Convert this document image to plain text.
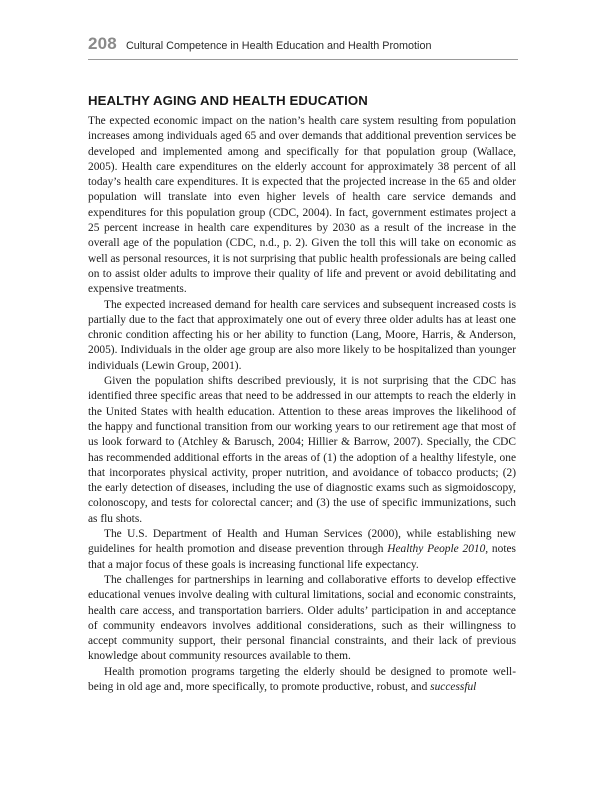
208 Cultural Competence in Health Education and Health Promotion
HEALTHY AGING AND HEALTH EDUCATION

The expected economic impact on the nation’s health care system resulting from population increases among individuals aged 65 and over demands that additional prevention services be developed and implemented among and specifically for that population group (Wallace, 2005). Health care expenditures on the elderly account for approximately 38 percent of all today’s health care expenditures. It is expected that the projected increase in the 65 and older population will translate into even higher levels of health care service demands and expenditures for this population group (CDC, 2004). In fact, government estimates project a 25 percent increase in health care expenditures by 2030 as a result of the increase in the overall age of the population (CDC, n.d., p. 2). Given the toll this will take on economic as well as personal resources, it is not surprising that public health professionals are being called on to assist older adults to improve their quality of life and prevent or avoid debilitating and expensive treatments.

The expected increased demand for health care services and subsequent increased costs is partially due to the fact that approximately one out of every three older adults has at least one chronic condition affecting his or her ability to function (Lang, Moore, Harris, & Anderson, 2005). Individuals in the older age group are also more likely to be hospitalized than younger individuals (Lewin Group, 2001).

Given the population shifts described previously, it is not surprising that the CDC has identified three specific areas that need to be addressed in our attempts to reach the elderly in the United States with health education. Attention to these areas improves the likelihood of the happy and functional transition from our working years to our retirement age that most of us look forward to (Atchley & Barusch, 2004; Hillier & Barrow, 2007). Specially, the CDC has recommended additional efforts in the areas of (1) the adoption of a healthy lifestyle, one that incorporates physical activity, proper nutrition, and avoidance of tobacco products; (2) the early detection of diseases, including the use of diagnostic exams such as sigmoidoscopy, colonoscopy, and tests for colorectal cancer; and (3) the use of specific immunizations, such as flu shots.

The U.S. Department of Health and Human Services (2000), while establishing new guidelines for health promotion and disease prevention through Healthy People 2010, notes that a major focus of these goals is increasing functional life expectancy.

The challenges for partnerships in learning and collaborative efforts to develop effective educational venues involve dealing with cultural limitations, social and economic constraints, health care access, and transportation barriers. Older adults’ participation in and acceptance of community endeavors involves additional considerations, such as their willingness to accept community support, their personal financial constraints, and their lack of previous knowledge about community resources available to them.

Health promotion programs targeting the elderly should be designed to promote well-being in old age and, more specifically, to promote productive, robust, and successful
